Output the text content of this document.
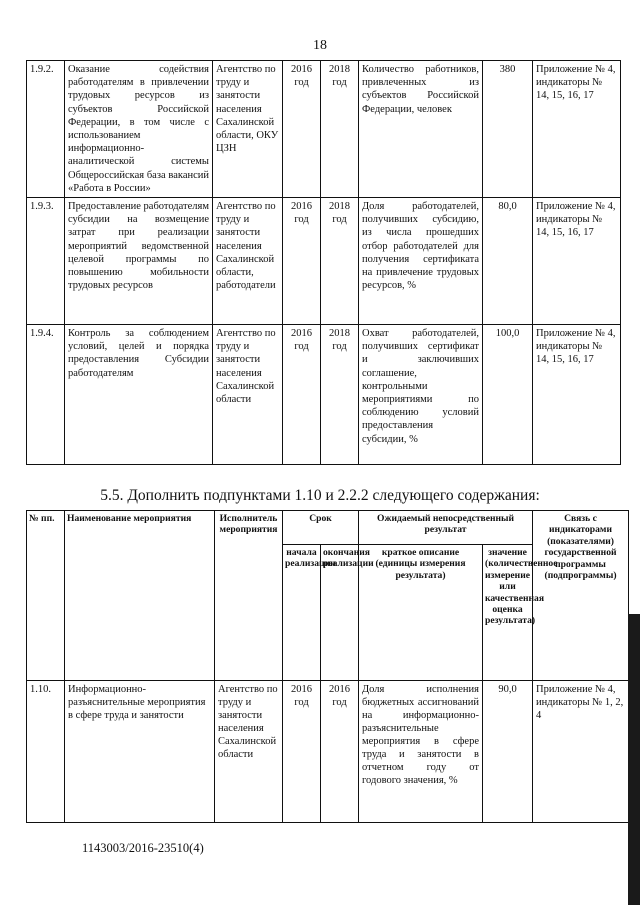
18
1.9.2.	Оказание содействия работодателям в привлечении трудовых ресурсов из субъектов Российской Федерации, в том числе с использованием информационно-аналитической системы Общероссийская база вакансий «Работа в России»	Агентство по труду и занятости населения Сахалинской области, ОКУ ЦЗН	2016 год	2018 год	Количество работников, привлеченных из субъектов Российской Федерации, человек	380	Приложение № 4, индикаторы № 14, 15, 16, 17
1.9.3.	Предоставление работодателям субсидии на возмещение затрат при реализации мероприятий ведомственной целевой программы по повышению мобильности трудовых ресурсов	Агентство по труду и занятости населения Сахалинской области, работодатели	2016 год	2018 год	Доля работодателей, получивших субсидию, из числа прошедших отбор работодателей для получения сертификата на привлечение трудовых ресурсов, %	80,0	Приложение № 4, индикаторы № 14, 15, 16, 17
1.9.4.	Контроль за соблюдением условий, целей и порядка предоставления Субсидии работодателям	Агентство по труду и занятости населения Сахалинской области	2016 год	2018 год	Охват работодателей, получивших сертификат и заключивших соглашение, контрольными мероприятиями по соблюдению условий предоставления субсидии, %	100,0	Приложение № 4, индикаторы № 14, 15, 16, 17
5.5. Дополнить подпунктами 1.10 и 2.2.2 следующего содержания:
№ пп.	Наименование мероприятия	Исполнитель мероприятия	Срок		Ожидаемый непосредственный результат		Связь с индикаторами (показателями) государственной программы (подпрограммы)
			начала реализации	окончания реализации	краткое описание (единицы измерения результата)	значение (количественное измерение или качественная оценка результата)	
1.10.	Информационно-разъяснительные мероприятия в сфере труда и занятости	Агентство по труду и занятости населения Сахалинской области	2016 год	2016 год	Доля исполнения бюджетных ассигнований на информационно-разъяснительные мероприятия в сфере труда и занятости в отчетном году от годового значения, %	90,0	Приложение № 4, индикаторы № 1, 2, 4
1143003/2016-23510(4)
